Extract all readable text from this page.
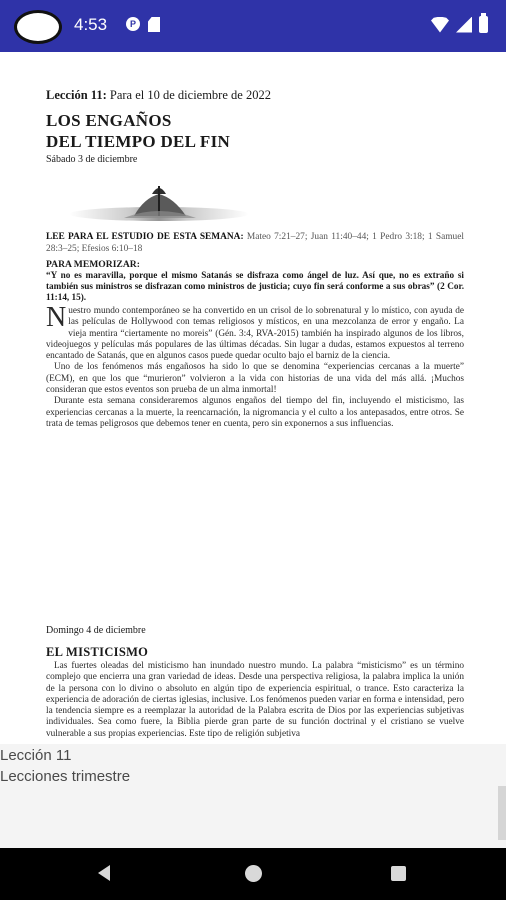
4:53	P
Lección 11: Para el 10 de diciembre de 2022
LOS ENGAÑOS
DEL TIEMPO DEL FIN
Sábado 3 de diciembre
LEE PARA EL ESTUDIO DE ESTA SEMANA: Mateo 7:21–27; Juan 11:40–44; 1 Pedro 3:18; 1 Samuel 28:3–25; Efesios 6:10–18
PARA MEMORIZAR:
“Y no es maravilla, porque el mismo Satanás se disfraza como ángel de luz. Así que, no es extraño si también sus ministros se disfrazan como ministros de justicia; cuyo fin será conforme a sus obras” (2 Cor. 11:14, 15).
Nuestro mundo contemporáneo se ha convertido en un crisol de lo sobrenatural y lo místico, con ayuda de las películas de Hollywood con temas religiosos y místicos, en una mezcolanza de error y engaño. La vieja mentira “ciertamente no moreis” (Gén. 3:4, RVA-2015) también ha inspirado algunos de los libros, videojuegos y películas más populares de las últimas décadas. Sin lugar a dudas, estamos expuestos al terreno encantado de Satanás, que en algunos casos puede quedar oculto bajo el barniz de la ciencia.

Uno de los fenómenos más engañosos ha sido lo que se denomina “experiencias cercanas a la muerte” (ECM), en que los que “murieron” volvieron a la vida con historias de una vida del más allá. ¡Muchos consideran que estos eventos son prueba de un alma inmortal!

Durante esta semana consideraremos algunos engaños del tiempo del fin, incluyendo el misticismo, las experiencias cercanas a la muerte, la reencarnación, la nigromancia y el culto a los antepasados, entre otros. Se trata de temas peligrosos que debemos tener en cuenta, pero sin exponernos a sus influencias.

Domingo 4 de diciembre
EL MISTICISMO
Las fuertes oleadas del misticismo han inundado nuestro mundo. La palabra “misticismo” es un término complejo que encierra una gran variedad de ideas. Desde una perspectiva religiosa, la palabra implica la unión de la persona con lo divino o absoluto en algún tipo de experiencia espiritual, o trance. Esto caracteriza la experiencia de adoración de ciertas iglesias, inclusive. Los fenómenos pueden variar en forma e intensidad, pero la tendencia siempre es a reemplazar la autoridad de la Palabra escrita de Dios por las experiencias subjetivas individuales. Sea como fuere, la Biblia pierde gran parte de su función doctrinal y el cristiano se vuelve vulnerable a sus propias experiencias. Este tipo de religión subjetiva
Lección 11
Lecciones trimestre
